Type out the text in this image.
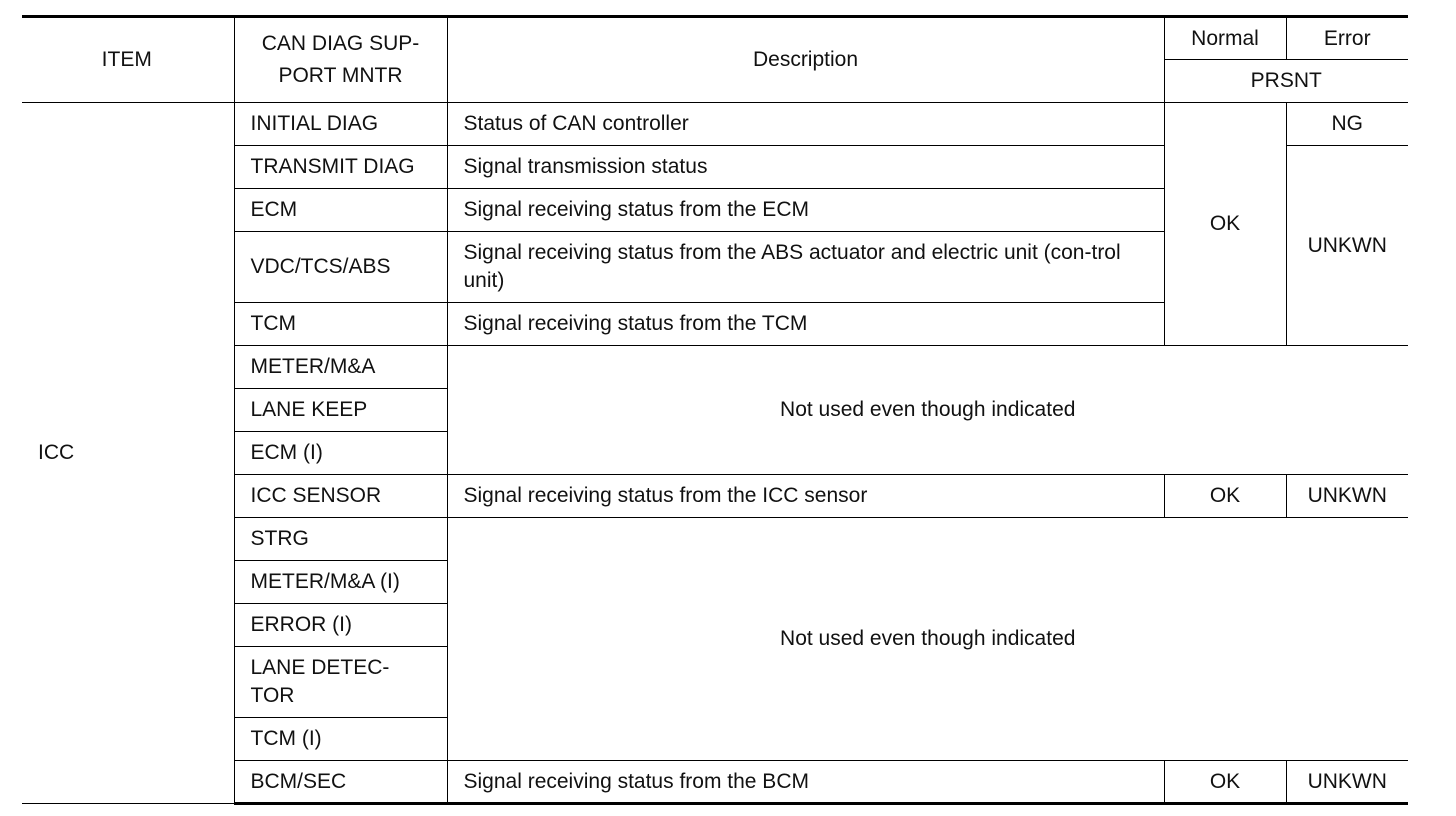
ITEM	CAN DIAG SUP-
PORT MNTR	Description	Normal	Error
			PRSNT	
ICC	INITIAL DIAG	Status of CAN controller	OK	NG
	TRANSMIT DIAG	Signal transmission status		UNKWN
	ECM	Signal receiving status from the ECM		
	VDC/TCS/ABS	Signal receiving status from the ABS actuator and electric unit (con-trol unit)		
	TCM	Signal receiving status from the TCM		
	METER/M&A	Not used even though indicated		
	LANE KEEP			
	ECM (I)			
	ICC SENSOR	Signal receiving status from the ICC sensor	OK	UNKWN
	STRG	Not used even though indicated		
	METER/M&A (I)			
	ERROR (I)			
	LANE DETEC-TOR			
	TCM (I)			
	BCM/SEC	Signal receiving status from the BCM	OK	UNKWN
